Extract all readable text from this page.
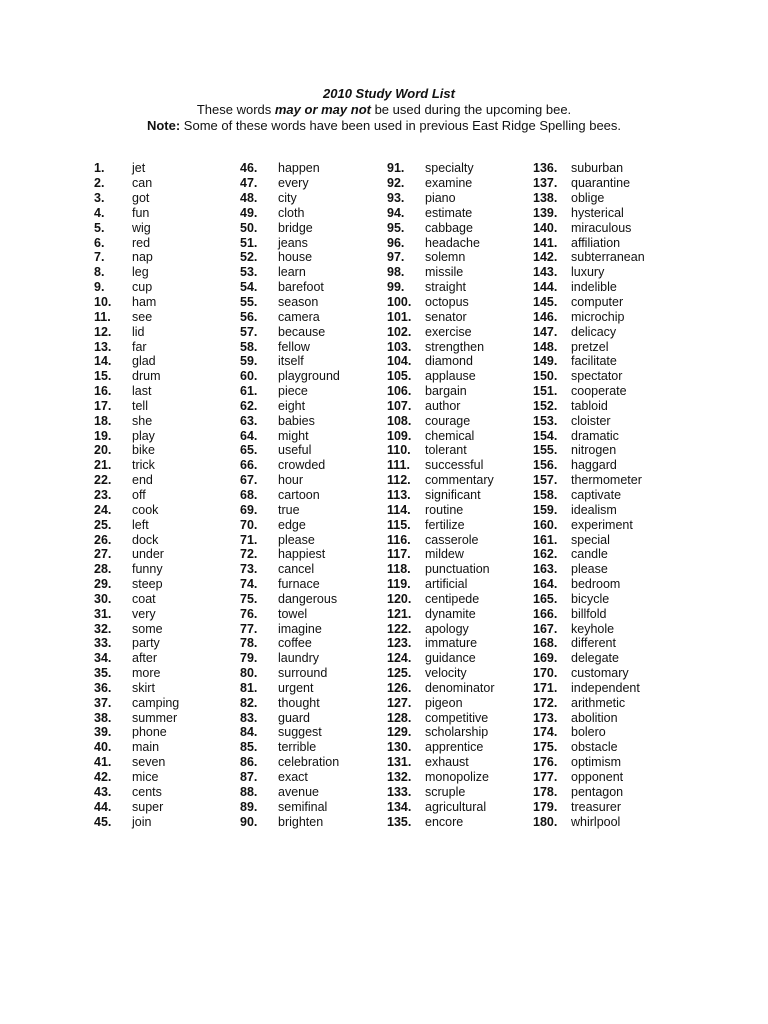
2010 Study Word List

These words may or may not be used during the upcoming bee.

Note: Some of these words have been used in previous East Ridge Spelling bees.

1.	jet
2.	can
3.	got
4.	fun
5.	wig
6.	red
7.	nap
8.	leg
9.	cup
10.	ham
11.	see
12.	lid
13.	far
14.	glad
15.	drum
16.	last
17.	tell
18.	she
19.	play
20.	bike
21.	trick
22.	end
23.	off
24.	cook
25.	left
26.	dock
27.	under
28.	funny
29.	steep
30.	coat
31.	very
32.	some
33.	party
34.	after
35.	more
36.	skirt
37.	camping
38.	summer
39.	phone
40.	main
41.	seven
42.	mice
43.	cents
44.	super
45.	join
46.	happen
47.	every
48.	city
49.	cloth
50.	bridge
51.	jeans
52.	house
53.	learn
54.	barefoot
55.	season
56.	camera
57.	because
58.	fellow
59.	itself
60.	playground
61.	piece
62.	eight
63.	babies
64.	might
65.	useful
66.	crowded
67.	hour
68.	cartoon
69.	true
70.	edge
71.	please
72.	happiest
73.	cancel
74.	furnace
75.	dangerous
76.	towel
77.	imagine
78.	coffee
79.	laundry
80.	surround
81.	urgent
82.	thought
83.	guard
84.	suggest
85.	terrible
86.	celebration
87.	exact
88.	avenue
89.	semifinal
90.	brighten
91.	specialty
92.	examine
93.	piano
94.	estimate
95.	cabbage
96.	headache
97.	solemn
98.	missile
99.	straight
100.	octopus
101.	senator
102.	exercise
103.	strengthen
104.	diamond
105.	applause
106.	bargain
107.	author
108.	courage
109.	chemical
110.	tolerant
111.	successful
112.	commentary
113.	significant
114.	routine
115.	fertilize
116.	casserole
117.	mildew
118.	punctuation
119.	artificial
120.	centipede
121.	dynamite
122.	apology
123.	immature
124.	guidance
125.	velocity
126.	denominator
127.	pigeon
128.	competitive
129.	scholarship
130.	apprentice
131.	exhaust
132.	monopolize
133.	scruple
134.	agricultural
135.	encore
136.	suburban
137.	quarantine
138.	oblige
139.	hysterical
140.	miraculous
141.	affiliation
142.	subterranean
143.	luxury
144.	indelible
145.	computer
146.	microchip
147.	delicacy
148.	pretzel
149.	facilitate
150.	spectator
151.	cooperate
152.	tabloid
153.	cloister
154.	dramatic
155.	nitrogen
156.	haggard
157.	thermometer
158.	captivate
159.	idealism
160.	experiment
161.	special
162.	candle
163.	please
164.	bedroom
165.	bicycle
166.	billfold
167.	keyhole
168.	different
169.	delegate
170.	customary
171.	independent
172.	arithmetic
173.	abolition
174.	bolero
175.	obstacle
176.	optimism
177.	opponent
178.	pentagon
179.	treasurer
180.	whirlpool
